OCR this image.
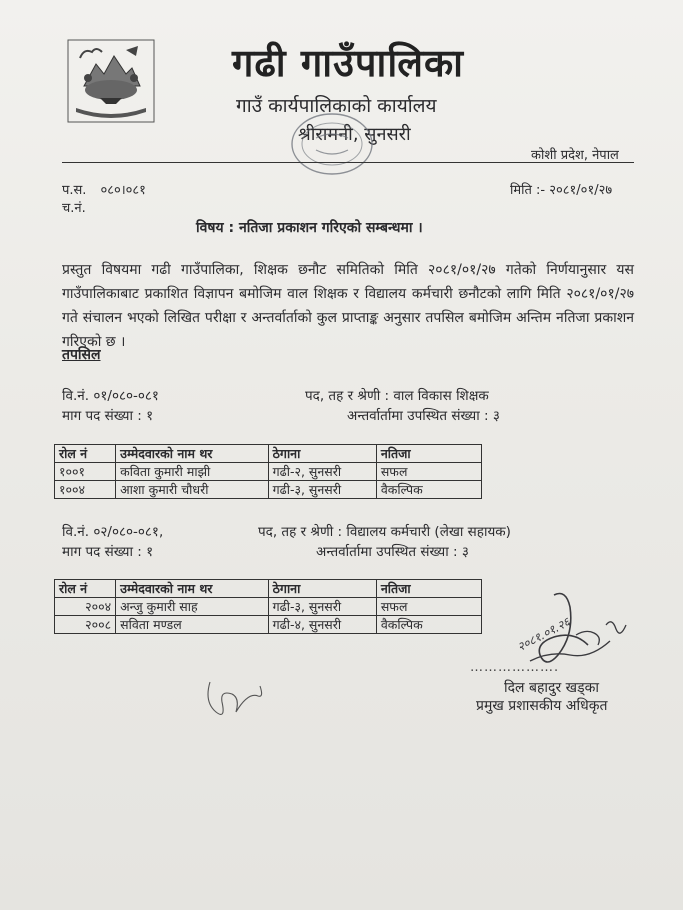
गढी गाउँपालिका
गाउँ कार्यपालिकाको कार्यालय
श्रीरामनी, सुनसरी
कोशी प्रदेश, नेपाल
प.स. ०८०।०८१
च.नं.
मिति :- २०८१/०१/२७
विषय : नतिजा प्रकाशन गरिएको सम्बन्धमा ।
प्रस्तुत विषयमा गढी गाउँपालिका, शिक्षक छनौट समितिको मिति २०८१/०१/२७ गतेको निर्णयानुसार यस गाउँपालिकाबाट प्रकाशित विज्ञापन बमोजिम वाल शिक्षक र विद्यालय कर्मचारी छनौटको लागि मिति २०८१/०१/२७ गते संचालन भएको लिखित परीक्षा र अन्तर्वार्ताको कुल प्राप्ताङ्क अनुसार तपसिल बमोजिम अन्तिम नतिजा प्रकाशन गरिएको छ ।
तपसिल
वि.नं. ०१/०८०-०८१	पद, तह र श्रेणी : वाल विकास शिक्षक
माग पद संख्या : १	अन्तर्वार्तामा उपस्थित संख्या : ३
रोल नं	उम्मेदवारको नाम थर	ठेगाना	नतिजा
१००१	कविता कुमारी माझी	गढी-२, सुनसरी	सफल
१००४	आशा कुमारी चौधरी	गढी-३, सुनसरी	वैकल्पिक
वि.नं. ०२/०८०-०८१,	पद, तह र श्रेणी : विद्यालय कर्मचारी (लेखा सहायक)
माग पद संख्या : १	अन्तर्वार्तामा उपस्थित संख्या : ३
रोल नं	उम्मेदवारको नाम थर	ठेगाना	नतिजा
२००४	अन्जु कुमारी साह	गढी-३, सुनसरी	सफल
२००८	सविता मण्डल	गढी-४, सुनसरी	वैकल्पिक	२०८१.०१.२६
……………….
दिल बहादुर खड्का
प्रमुख प्रशासकीय अधिकृत
